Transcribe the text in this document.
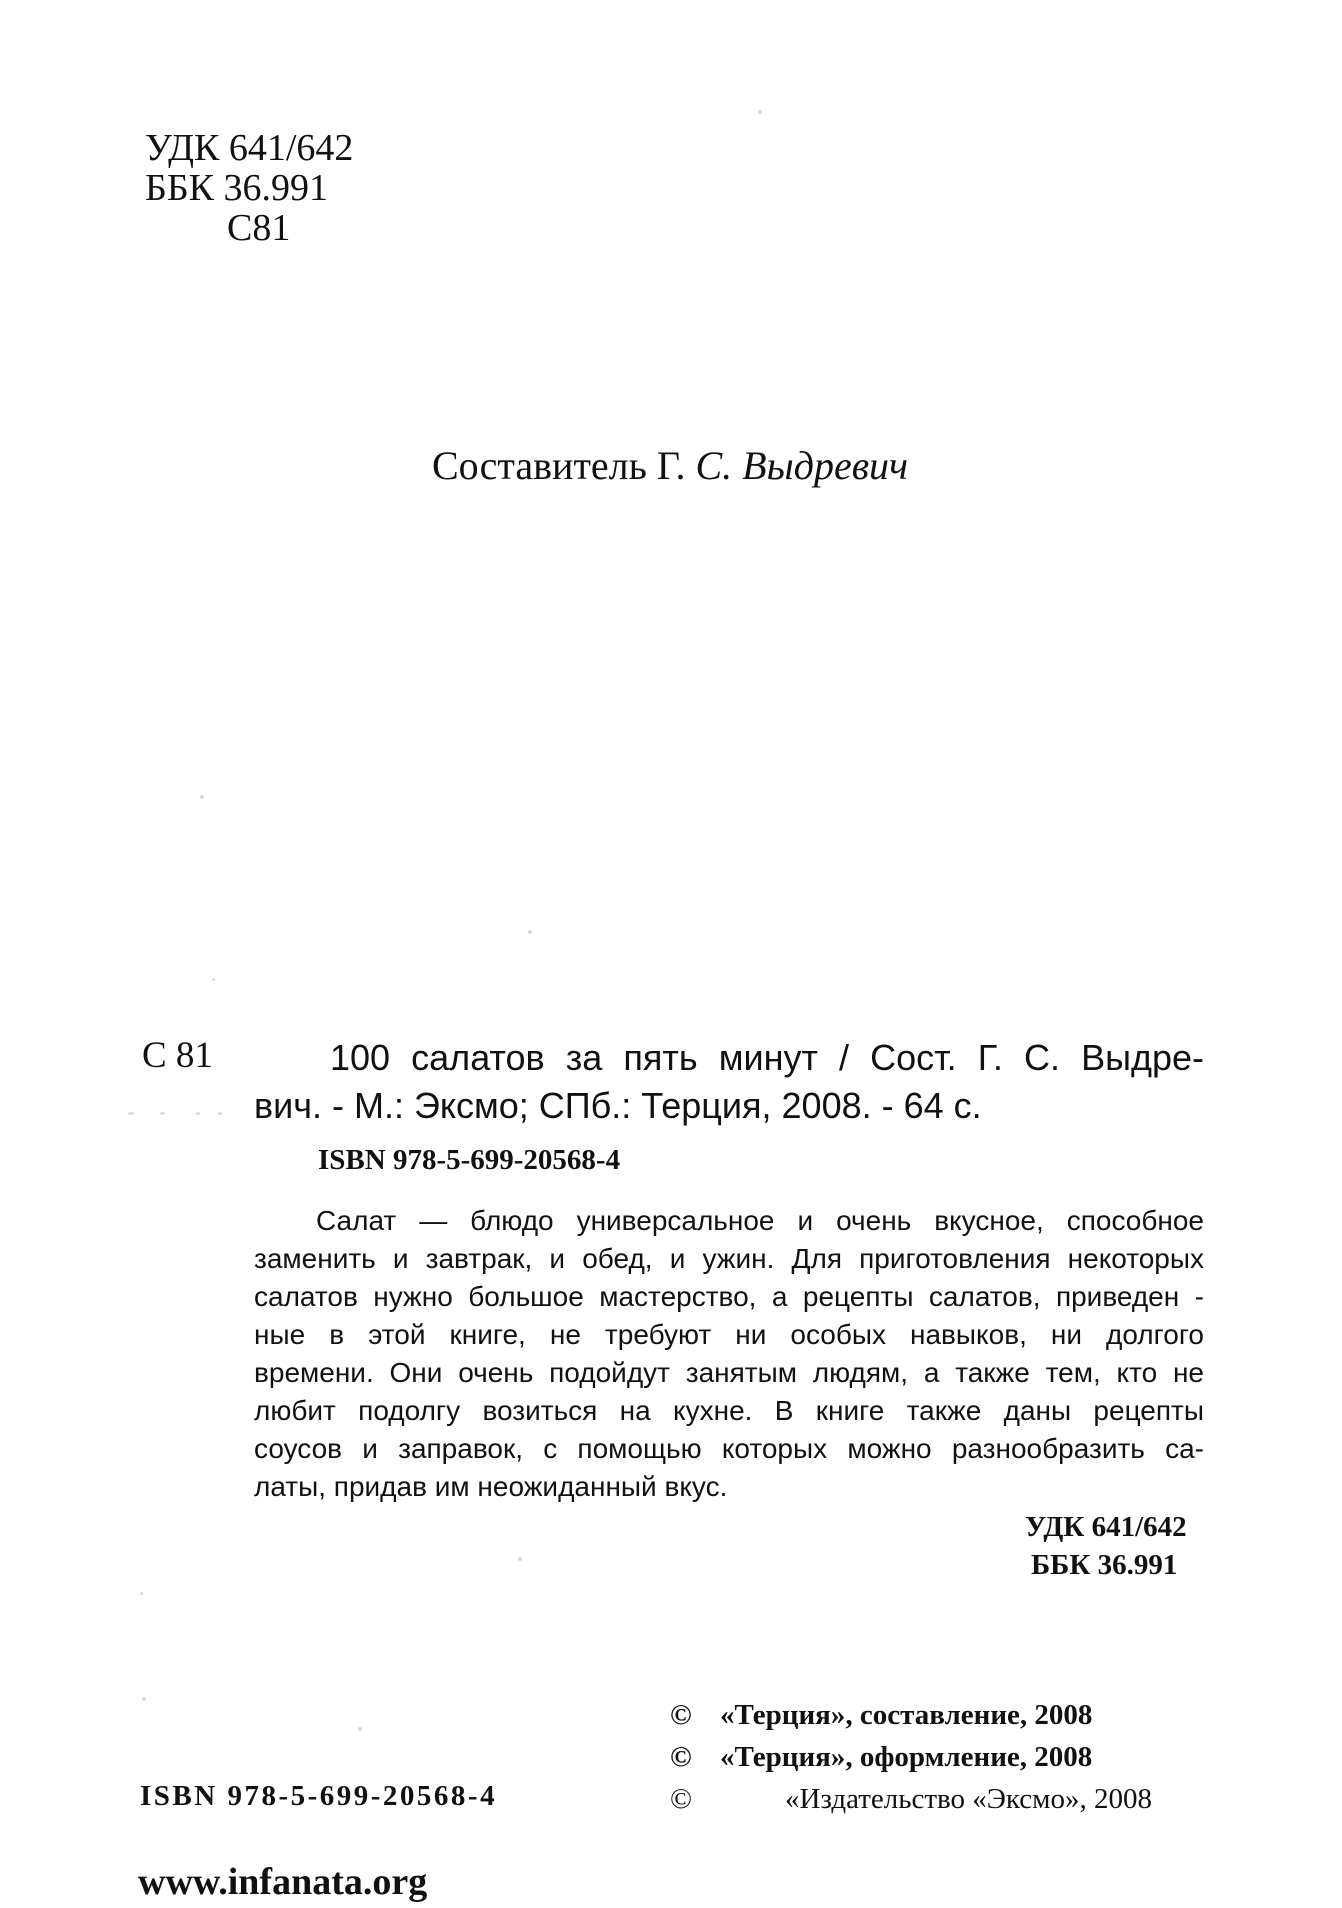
УДК 641/642
ББК 36.991
С81
Составитель Г. С. Выдревич
С 81	100 салатов за пять минут / Сост. Г. С. Выдре-
вич. - М.: Эксмо; СПб.: Терция, 2008. - 64 с.
ISBN 978-5-699-20568-4
Салат — блюдо универсальное и очень вкусное, способное
заменить и завтрак, и обед, и ужин. Для приготовления некоторых
салатов нужно большое мастерство, а рецепты салатов, приведен -
ные в этой книге, не требуют ни особых навыков, ни долгого
времени. Они очень подойдут занятым людям, а также тем, кто не
любит подолгу возиться на кухне. В книге также даны рецепты
соусов и заправок, с помощью которых можно разнообразить са-
латы, придав им неожиданный вкус.
УДК 641/642
ББК 36.991
© «Терция», составление, 2008
© «Терция», оформление, 2008
©	«Издательство «Эксмо», 2008
ISBN 978-5-699-20568-4
www.infanata.org
